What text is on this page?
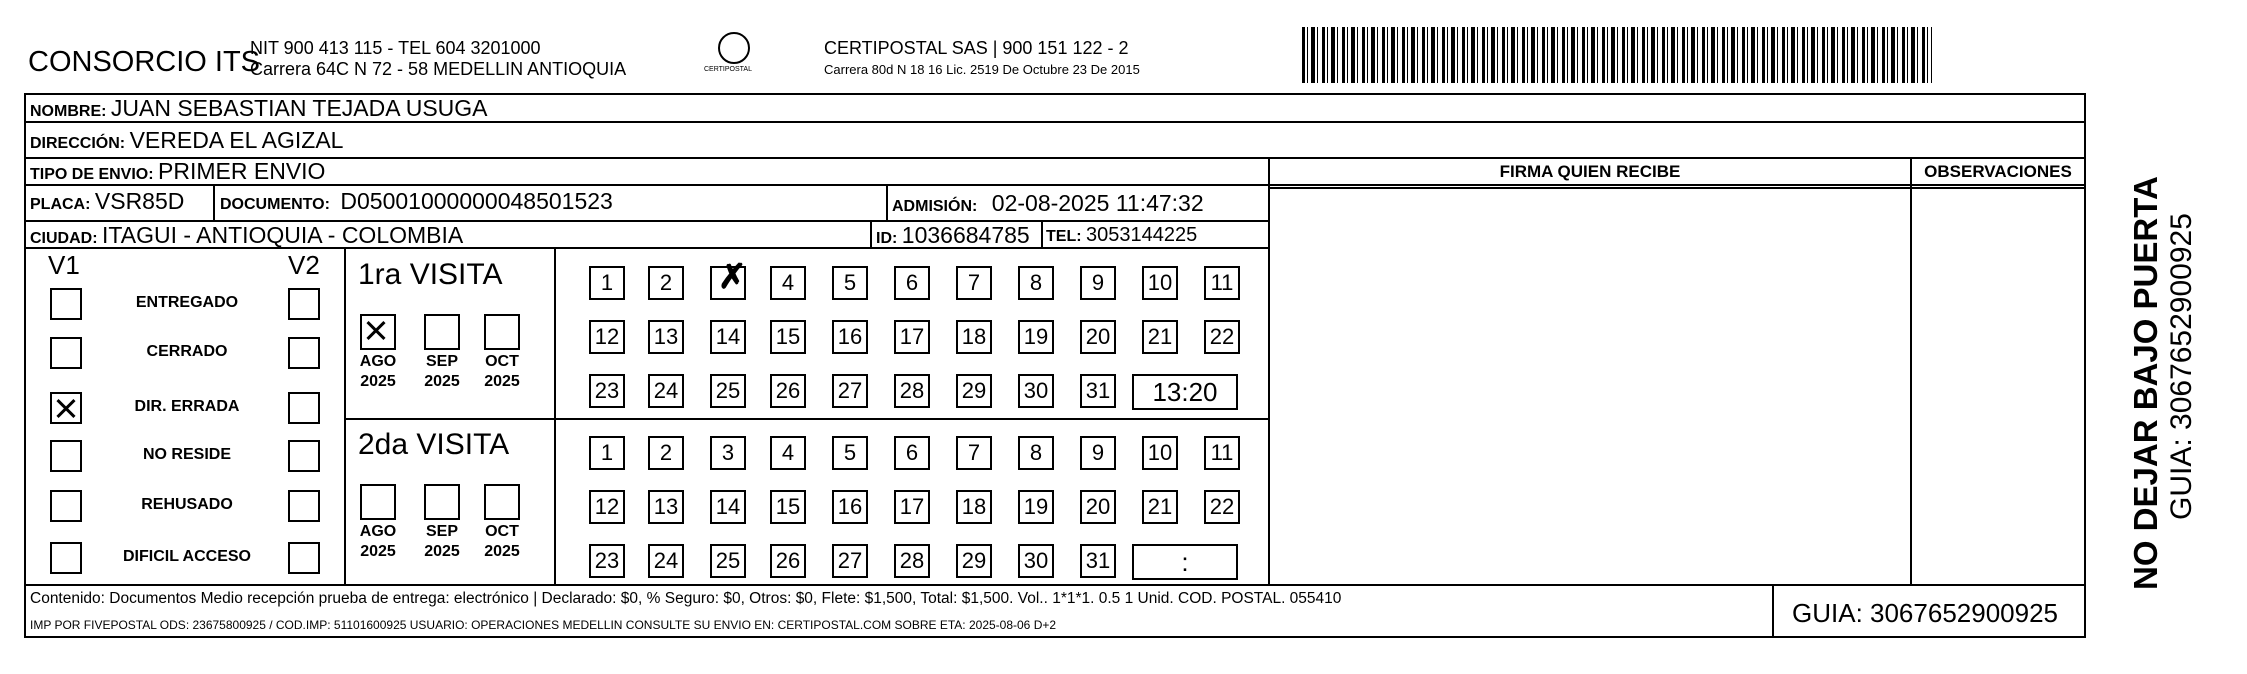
CONSORCIO ITS
NIT 900 413 115 - TEL 604 3201000
Carrera 64C N 72 - 58 MEDELLIN ANTIOQUIA	CERTIPOSTAL
CERTIPOSTAL SAS | 900 151 122 - 2
Carrera 80d N 18 16 Lic. 2519 De Octubre 23 De 2015
NOMBRE: JUAN SEBASTIAN TEJADA USUGA
DIRECCIÓN: VEREDA EL AGIZAL
TIPO DE ENVIO: PRIMER ENVIO
PLACA: VSR85D DOCUMENTO: D05001000000048501523	ADMISIÓN: 02-08-2025 11:47:32
CIUDAD: ITAGUI - ANTIOQUIA - COLOMBIA	ID: 1036684785 TEL: 3053144225
FIRMA QUIEN RECIBE	OBSERVACIONES
V1	V2
ENTREGADO
CERRADO
DIR. ERRADA
NO RESIDE
REHUSADO
DIFICIL ACCESO
1ra VISITA
AGO
2025
SEP
2025
OCT
2025
1	2
✗	4	5	6	7	8	9	10 11
12 13 14 15 16 17 18 19 20 21 22
23 24 25 26 27 28 29 30 31	13:20
2da VISITA
AGO
2025
SEP
2025
OCT
2025
1	2	3	4	5	6	7	8	9	10 11
12 13 14 15 16 17 18 19 20 21 22
23 24 25 26 27 28 29 30 31	:
Contenido: Documentos Medio recepción prueba de entrega: electrónico | Declarado: $0, % Seguro: $0, Otros: $0, Flete: $1,500, Total: $1,500. Vol.. 1*1*1. 0.5 1 Unid. COD. POSTAL. 055410
IMP POR FIVEPOSTAL ODS: 23675800925 / COD.IMP: 51101600925 USUARIO: OPERACIONES MEDELLIN CONSULTE SU ENVIO EN: CERTIPOSTAL.COM SOBRE ETA: 2025-08-06 D+2	GUIA: 3067652900925
NO DEJAR BAJO PUERTA GUIA: 3067652900925
